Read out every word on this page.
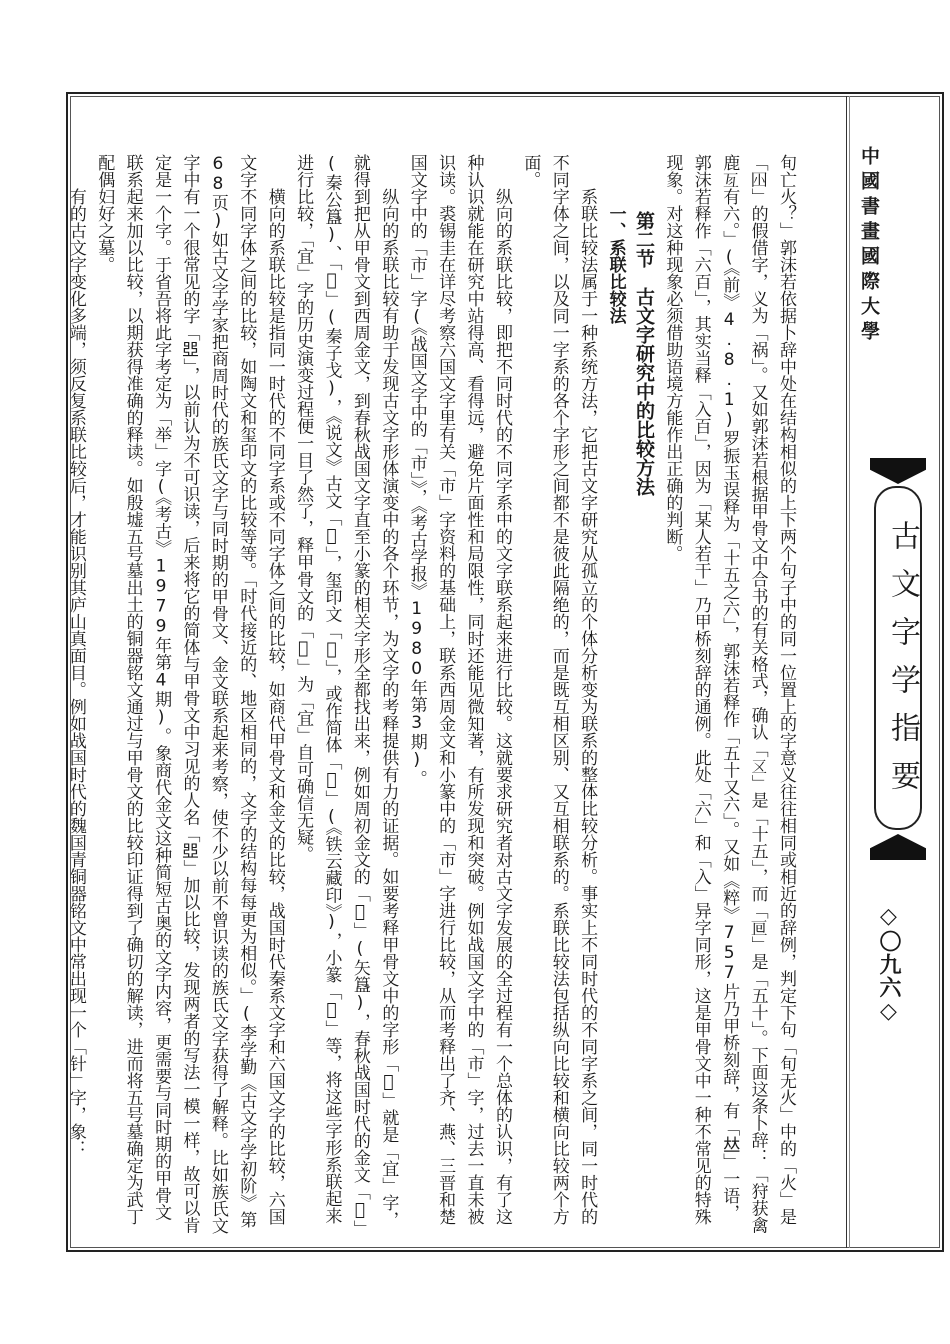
中國書畫國際大學
古文字学指要
◇〇九六◇

旬亡火？」郭沫若依据卜辞中处在结构相似的上下两个句子中的同一位置上的字意义往往相同或相近的辞例，判定下句「旬无火」中的「火」是「𡆧」的假借字，义为「祸」。又如郭沫若根据甲骨文中合书的有关格式，确认「𠄡」是「十五」，而「𠄢」是「五十」。下面这条卜辞：「狩获禽鹿𠄣有六。」(《前》4.8.1)罗振玉误释为「十五之六」，郭沫若释作「五十又六」。又如《粹》757片乃甲桥刻辞，有「𠀤」一语，郭沫若释作「六百」，其实当释「入百」，因为「某人若干」乃甲桥刻辞的通例。此处「六」和「入」异字同形，这是甲骨文中一种不常见的特殊现象。对这种现象必须借助语境方能作出正确的判断。

第二节　古文字研究中的比较方法

一、系联比较法

系联比较法属于一种系统方法，它把古文字研究从孤立的个体分析变为联系的整体比较分析。事实上不同时代的不同字系之间，同一时代的不同字体之间，以及同一字系的各个字形之间都不是彼此隔绝的，而是既互相区别、又互相联系的。系联比较法包括纵向比较和横向比较两个方面。

纵向的系联比较，即把不同时代的不同字系中的文字联系起来进行比较。这就要求研究者对古文字发展的全过程有一个总体的认识，有了这种认识就能在研究中站得高、看得远，避免片面性和局限性，同时还能见微知著，有所发现和突破。例如战国文字中的「市」字，过去一直未被识读。裘锡圭在详尽考察六国文字里有关「市」字资料的基础上，联系西周金文和小篆中的「市」字进行比较，从而考释出了齐、燕、三晋和楚国文字中的「市」字(《战国文字中的「市」》，《考古学报》1980年第3期)。

纵向的系联比较有助于发现古文字形体演变中的各个环节，为文字的考释提供有力的证据。如要考释甲骨文中的字形「𡧊」就是「宜」字，就得到把从甲骨文到西周金文，到春秋战国文字直至小篆的相关字形全都找出来，例如周初金文的「𡧊」(矢簋)，春秋战国时代的金文「𡧊」(秦公簋)、「𡧊」(秦子戈)，《说文》古文「𡧊」，玺印文「𡧊」，或作简体「𡧊」(《铁云藏印》)，小篆「𡧊」等，将这些字形系联起来进行比较，「宜」字的历史演变过程便一目了然了，释甲骨文的「𡧊」为「宜」自可确信无疑。

横向的系联比较是指同一时代的不同字系或不同字体之间的比较，如商代甲骨文和金文的比较，战国时代秦系文字和六国文字的比较，六国文字不同字体之间的比较，如陶文和玺印文的比较等等。「时代接近的、地区相同的，文字的结构每每更为相似。」(李学勤《古文字学初阶》第68页)如古文字学家把商周时代的族氏文字与同时期的甲骨文、金文联系起来考察，使不少以前不曾识读的族氏文字获得了解释。比如族氏文字中有一个很常见的字「𠁁」，以前认为不可识读，后来将它的简体与甲骨文中习见的人名「𠁁」加以比较，发现两者的写法一模一样，故可以肯定是一个字。于省吾将此字考定为「举」字(《考古》1979年第4期)。象商代金文这种简短古奥的文字内容，更需要与同时期的甲骨文联系起来加以比较，以期获得准确的释读。如殷墟五号墓出土的铜器铭文通过与甲骨文的比较印证得到了确切的解读，进而将五号墓确定为武丁配偶妇好之墓。

有的古文字变化多端，须反复系联比较后，才能识别其庐山真面目。例如战国时代的魏国青铜器铭文中常出现一个「针」字，象：
